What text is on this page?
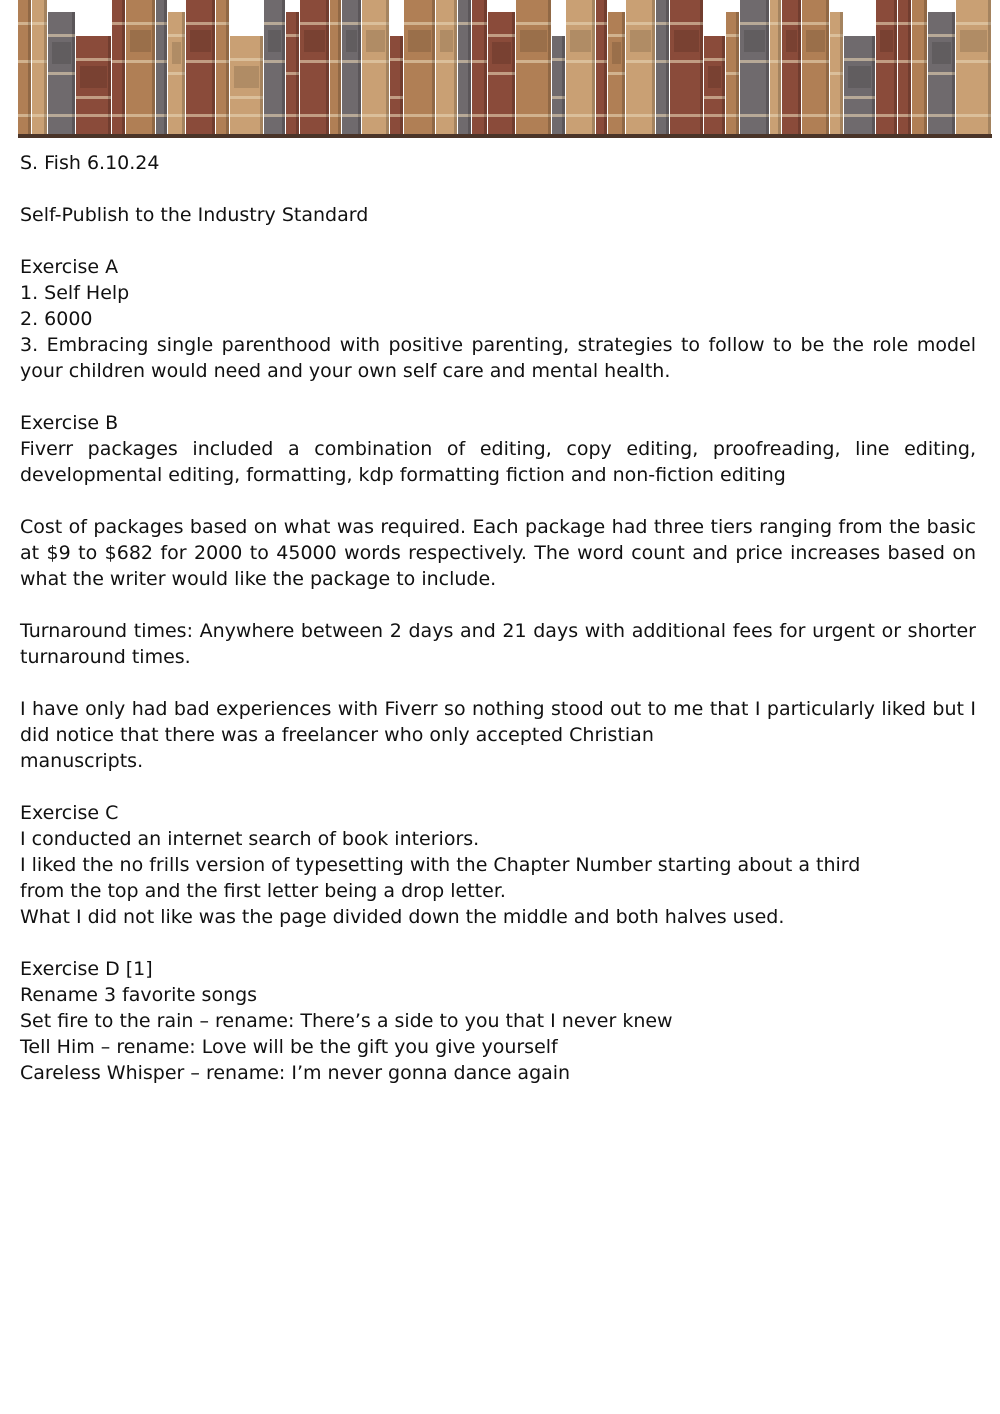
S. Fish 6.10.24

Self-Publish to the Industry Standard

Exercise A

1. Self Help

2. 6000

3. Embracing single parenthood with positive parenting, strategies to follow to be the role model your children would need and your own self care and mental health.

Exercise B

Fiverr packages included a combination of editing, copy editing, proofreading, line editing, developmental editing, formatting, kdp formatting fiction and non-fiction editing

Cost of packages based on what was required. Each package had three tiers ranging from the basic at $9 to $682 for 2000 to 45000 words respectively. The word count and price increases based on what the writer would like the package to include.

Turnaround times: Anywhere between 2 days and 21 days with additional fees for urgent or shorter turnaround times.

I have only had bad experiences with Fiverr so nothing stood out to me that I particularly liked but I did notice that there was a freelancer who only accepted Christian

manuscripts.

Exercise C

I conducted an internet search of book interiors.

I liked the no frills version of typesetting with the Chapter Number starting about a third

from the top and the first letter being a drop letter.

What I did not like was the page divided down the middle and both halves used.

Exercise D [1]

Rename 3 favorite songs

Set fire to the rain – rename: There’s a side to you that I never knew

Tell Him – rename: Love will be the gift you give yourself

Careless Whisper – rename: I’m never gonna dance again
